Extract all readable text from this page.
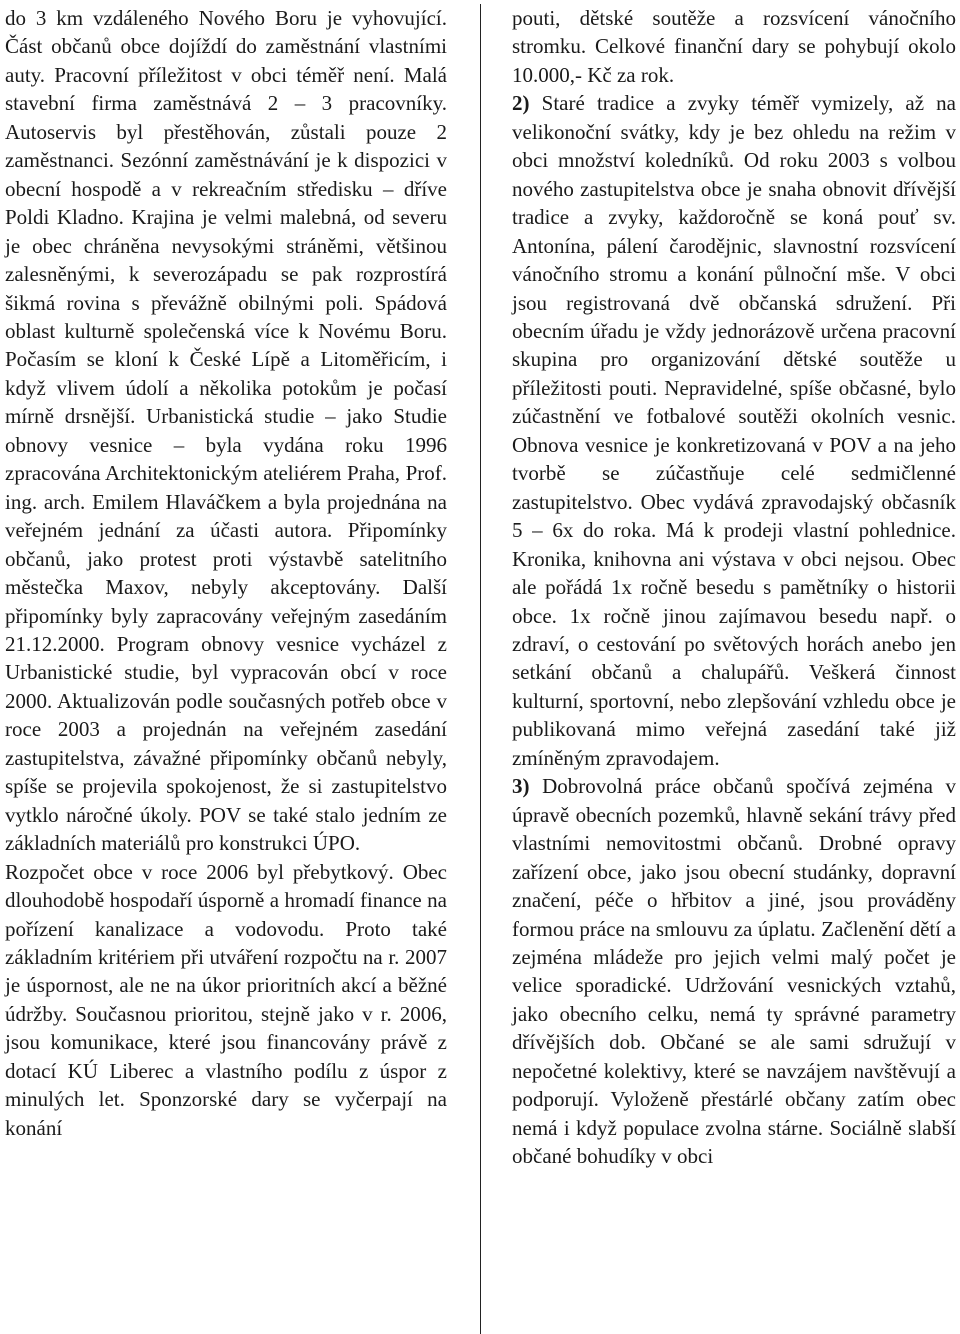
do 3 km vzdáleného Nového Boru je vyhovující. Část občanů obce dojíždí do zaměstnání vlastními auty. Pracovní příležitost v obci téměř není. Malá stavební firma zaměstnává 2 – 3 pracovníky. Autoservis byl přestěhován, zůstali pouze 2 zaměstnanci. Sezónní zaměstnávání je k dispozici v obecní hospodě a v rekreačním středisku – dříve Poldi Kladno. Krajina je velmi malebná, od severu je obec chráněna nevysokými stráněmi, většinou zalesněnými, k severozápadu se pak rozprostírá šikmá rovina s převážně obilnými poli. Spádová oblast kulturně společenská více k Novému Boru. Počasím se kloní k České Lípě a Litoměřicím, i když vlivem údolí a několika potokům je počasí mírně drsnější. Urbanistická studie – jako Studie obnovy vesnice – byla vydána roku 1996 zpracována Architektonickým ateliérem Praha, Prof. ing. arch. Emilem Hlaváčkem a byla projednána na veřejném jednání za účasti autora. Připomínky občanů, jako protest proti výstavbě satelitního městečka Maxov, nebyly akceptovány. Další připomínky byly zapracovány veřejným zasedáním 21.12.2000. Program obnovy vesnice vycházel z Urbanistické studie, byl vypracován obcí v roce 2000. Aktualizován podle současných potřeb obce v roce 2003 a projednán na veřejném zasedání zastupitelstva, závažné připomínky občanů nebyly, spíše se projevila spokojenost, že si zastupitelstvo vytklo náročné úkoly. POV se také stalo jedním ze základních materiálů pro konstrukci ÚPO.

Rozpočet obce v roce 2006 byl přebytkový. Obec dlouhodobě hospodaří úsporně a hromadí finance na pořízení kanalizace a vodovodu. Proto také základním kritériem při utváření rozpočtu na r. 2007 je úspornost, ale ne na úkor prioritních akcí a běžné údržby. Současnou prioritou, stejně jako v r. 2006, jsou komunikace, které jsou financovány právě z dotací KÚ Liberec a vlastního podílu z úspor z minulých let. Sponzorské dary se vyčerpají na konání

pouti, dětské soutěže a rozsvícení vánočního stromku. Celkové finanční dary se pohybují okolo 10.000,- Kč za rok.

2) Staré tradice a zvyky téměř vymizely, až na velikonoční svátky, kdy je bez ohledu na režim v obci množství koledníků. Od roku 2003 s volbou nového zastupitelstva obce je snaha obnovit dřívější tradice a zvyky, každoročně se koná pouť sv. Antonína, pálení čarodějnic, slavnostní rozsvícení vánočního stromu a konání půlnoční mše. V obci jsou registrovaná dvě občanská sdružení. Při obecním úřadu je vždy jednorázově určena pracovní skupina pro organizování dětské soutěže u příležitosti pouti. Nepravidelné, spíše občasné, bylo zúčastnění ve fotbalové soutěži okolních vesnic. Obnova vesnice je konkretizovaná v POV a na jeho tvorbě se zúčastňuje celé sedmičlenné zastupitelstvo. Obec vydává zpravodajský občasník 5 – 6x do roka. Má k prodeji vlastní pohlednice. Kronika, knihovna ani výstava v obci nejsou. Obec ale pořádá 1x ročně besedu s pamětníky o historii obce. 1x ročně jinou zajímavou besedu např. o zdraví, o cestování po světových horách anebo jen setkání občanů a chalupářů. Veškerá činnost kulturní, sportovní, nebo zlepšování vzhledu obce je publikovaná mimo veřejná zasedání také již zmíněným zpravodajem.

3) Dobrovolná práce občanů spočívá zejména v úpravě obecních pozemků, hlavně sekání trávy před vlastními nemovitostmi občanů. Drobné opravy zařízení obce, jako jsou obecní studánky, dopravní značení, péče o hřbitov a jiné, jsou prováděny formou práce na smlouvu za úplatu. Začlenění dětí a zejména mládeže pro jejich velmi malý počet je velice sporadické. Udržování vesnických vztahů, jako obecního celku, nemá ty správné parametry dřívějších dob. Občané se ale sami sdružují v nepočetné kolektivy, které se navzájem navštěvují a podporují. Vyloženě přestárlé občany zatím obec nemá i když populace zvolna stárne. Sociálně slabší občané bohudíky v obci
